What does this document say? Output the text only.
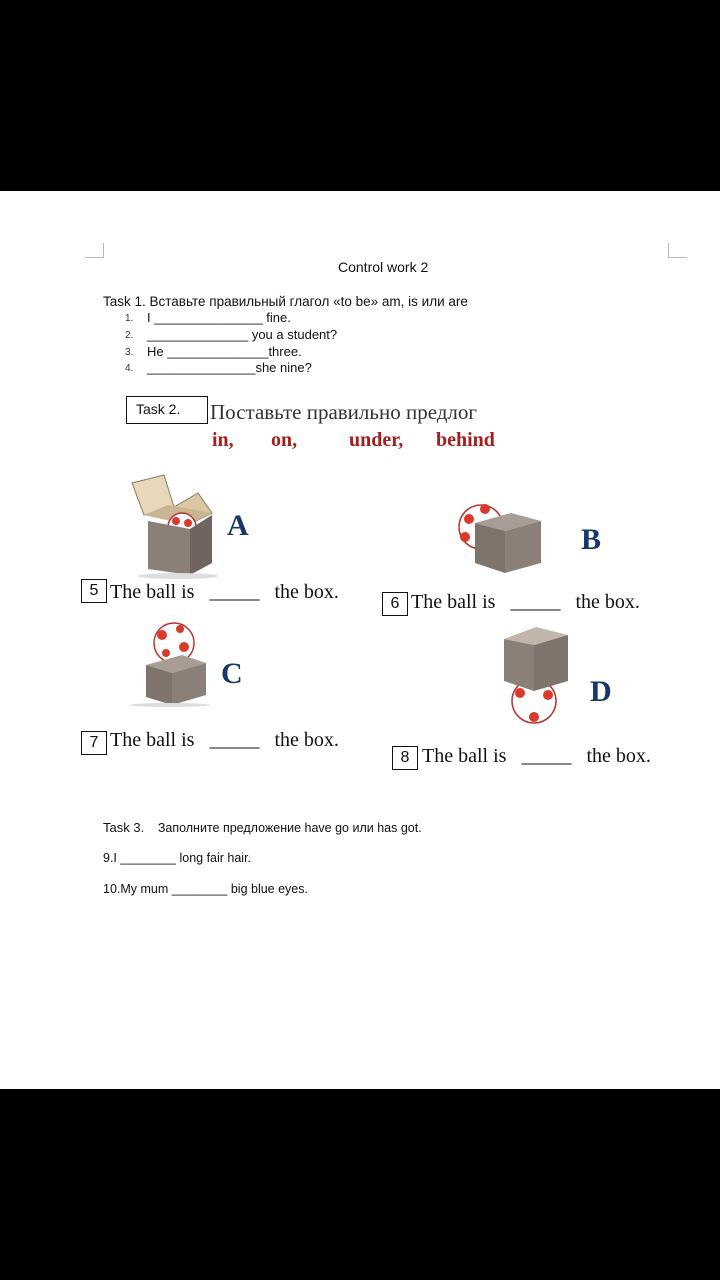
Control work 2
Task 1. Вставьте правильный глагол «to be» am, is или are
1. I _______________ fine.
2. ______________ you a student?
3. He ______________three.
4. _______________she nine?
Task 2. Поставьте правильно предлог
in, on,	under, behind
A	B
5 The ball is _____ the box.
6 The ball is _____ the box.
C
D
7 The ball is _____ the box.
8 The ball is _____ the box.
Task 3. Заполните предложение have go или has got.
9.I ________ long fair hair.
10.My mum ________ big blue eyes.
